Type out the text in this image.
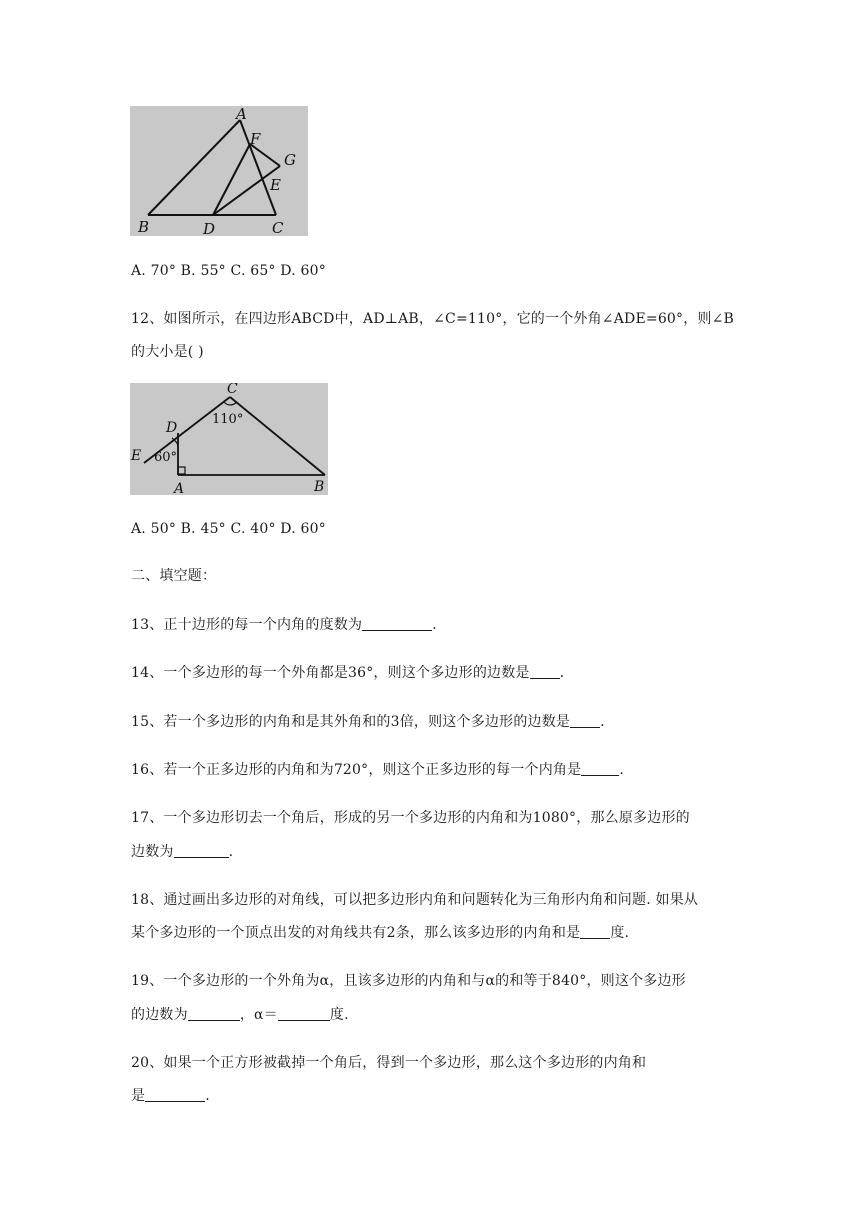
A
B	C
D
E
F
G
A. 70° B. 55° C. 65° D. 60°
12、如图所示，在四边形ABCD中，AD⊥AB，∠C=110°，它的一个外角∠ADE=60°，则∠B
的大小是( )
C
110°
D
60°
E
A	B
A. 50° B. 45° C. 40° D. 60°
二、填空题：
13、正十边形的每一个内角的度数为	.
14、一个多边形的每一个外角都是36°，则这个多边形的边数是 .
15、若一个多边形的内角和是其外角和的3倍，则这个多边形的边数是 .
16、若一个正多边形的内角和为720°，则这个正多边形的每一个内角是	.
17、一个多边形切去一个角后，形成的另一个多边形的内角和为1080°，那么原多边形的
边数为	.
18、通过画出多边形的对角线，可以把多边形内角和问题转化为三角形内角和问题. 如果从
某个多边形的一个顶点出发的对角线共有2条，那么该多边形的内角和是 度.
19、一个多边形的一个外角为α，且该多边形的内角和与α的和等于840°，则这个多边形
的边数为	，α＝	度.
20、如果一个正方形被截掉一个角后，得到一个多边形，那么这个多边形的内角和
是	.
